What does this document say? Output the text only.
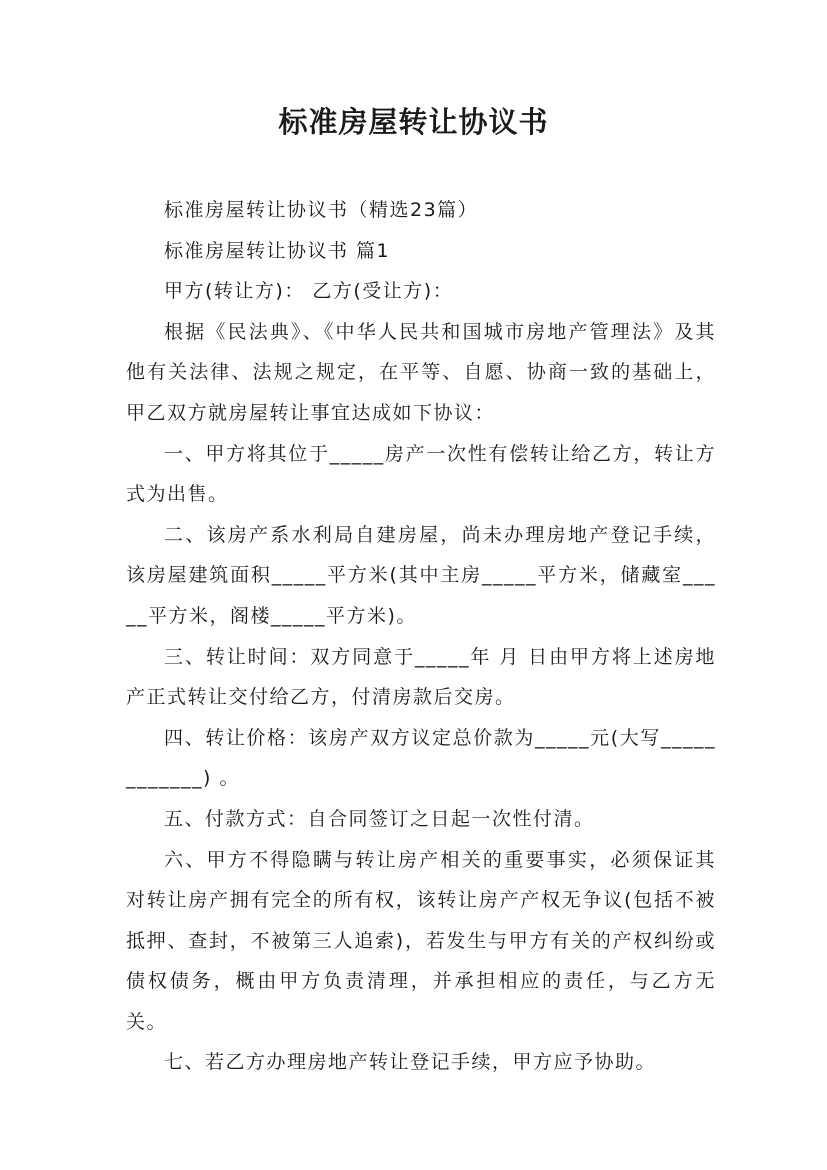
标准房屋转让协议书

标准房屋转让协议书（精选23篇）

标准房屋转让协议书 篇1

甲方(转让方)： 乙方(受让方)：

根据《民法典》、《中华人民共和国城市房地产管理法》及其他有关法律、法规之规定，在平等、自愿、协商一致的基础上，甲乙双方就房屋转让事宜达成如下协议：

一、甲方将其位于_____房产一次性有偿转让给乙方，转让方式为出售。

二、该房产系水利局自建房屋，尚未办理房地产登记手续，该房屋建筑面积_____平方米(其中主房_____平方米，储藏室_____平方米，阁楼_____平方米)。

三、转让时间：双方同意于_____年 月 日由甲方将上述房地产正式转让交付给乙方，付清房款后交房。

四、转让价格：该房产双方议定总价款为_____元(大写____________) 。

五、付款方式：自合同签订之日起一次性付清。

六、甲方不得隐瞒与转让房产相关的重要事实，必须保证其对转让房产拥有完全的所有权，该转让房产产权无争议(包括不被抵押、查封，不被第三人追索)，若发生与甲方有关的产权纠纷或债权债务，概由甲方负责清理，并承担相应的责任，与乙方无关。

七、若乙方办理房地产转让登记手续，甲方应予协助。
